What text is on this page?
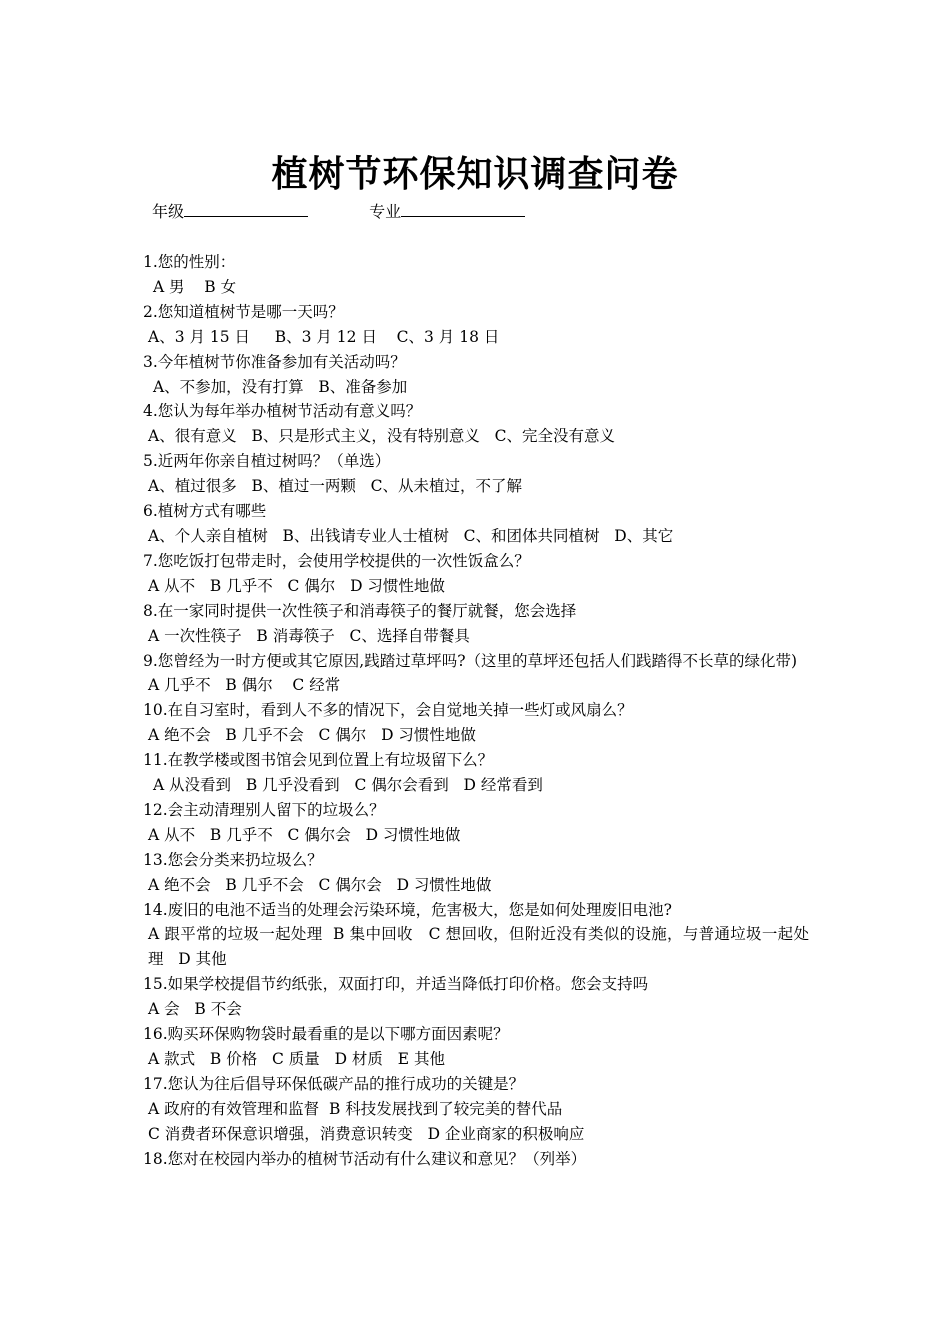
植树节环保知识调查问卷
年级	专业

1.您的性别：

A 男    B 女

2.您知道植树节是哪一天吗？

A、3 月 15 日     B、3 月 12 日    C、3 月 18 日

3.今年植树节你准备参加有关活动吗？

A、不参加，没有打算   B、准备参加

4.您认为每年举办植树节活动有意义吗？

A、很有意义   B、只是形式主义，没有特别意义   C、完全没有意义

5.近两年你亲自植过树吗？（单选）

A、植过很多   B、植过一两颗   C、从未植过，不了解

6.植树方式有哪些

A、个人亲自植树   B、出钱请专业人士植树   C、和团体共同植树   D、其它

7.您吃饭打包带走时，会使用学校提供的一次性饭盒么？

A 从不   B 几乎不   C 偶尔   D 习惯性地做

8.在一家同时提供一次性筷子和消毒筷子的餐厅就餐，您会选择

A 一次性筷子   B 消毒筷子   C、选择自带餐具

9.您曾经为一时方便或其它原因,践踏过草坪吗?（这里的草坪还包括人们践踏得不长草的绿化带)

A 几乎不   B 偶尔    C 经常

10.在自习室时，看到人不多的情况下，会自觉地关掉一些灯或风扇么？

A 绝不会   B 几乎不会   C 偶尔   D 习惯性地做

11.在教学楼或图书馆会见到位置上有垃圾留下么？

A 从没看到   B 几乎没看到   C 偶尔会看到   D 经常看到

12.会主动清理别人留下的垃圾么？

A 从不   B 几乎不   C 偶尔会   D 习惯性地做

13.您会分类来扔垃圾么？

A 绝不会   B 几乎不会   C 偶尔会   D 习惯性地做

14.废旧的电池不适当的处理会污染环境，危害极大，您是如何处理废旧电池?

A 跟平常的垃圾一起处理  B 集中回收   C 想回收，但附近没有类似的设施，与普通垃圾一起处理   D 其他

15.如果学校提倡节约纸张，双面打印，并适当降低打印价格。您会支持吗

A 会   B 不会

16.购买环保购物袋时最看重的是以下哪方面因素呢？

A 款式   B 价格   C 质量   D 材质   E 其他

17.您认为往后倡导环保低碳产品的推行成功的关键是？

A 政府的有效管理和监督  B 科技发展找到了较完美的替代品

C 消费者环保意识增强，消费意识转变   D 企业商家的积极响应

18.您对在校园内举办的植树节活动有什么建议和意见？（列举）
